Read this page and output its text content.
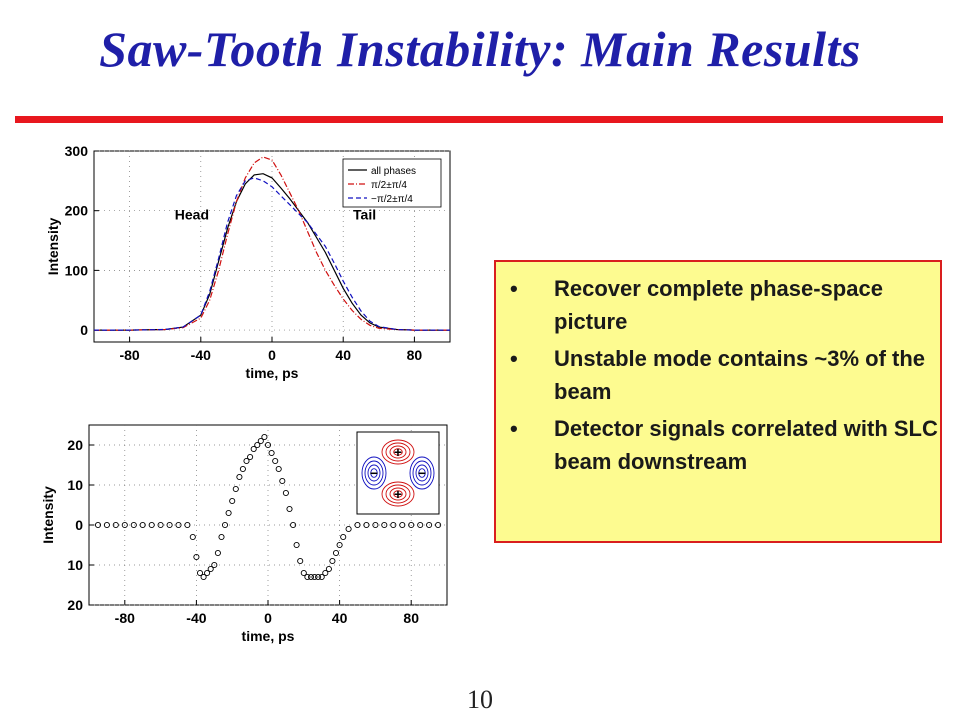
Saw-Tooth Instability: Main Results
-80	-40	0	40	80
0
100
200
300
time, ps
Intensity
Head	Tail
all phases
π/2±π/4
−π/2±π/4
-80	-40	0	40	80
20
10
0
10
20
time, ps
Intensity
+
+
−	−
• Recover complete phase-space picture
• Unstable mode contains ~3% of the beam
• Detector signals correlated with SLC beam downstream
10
